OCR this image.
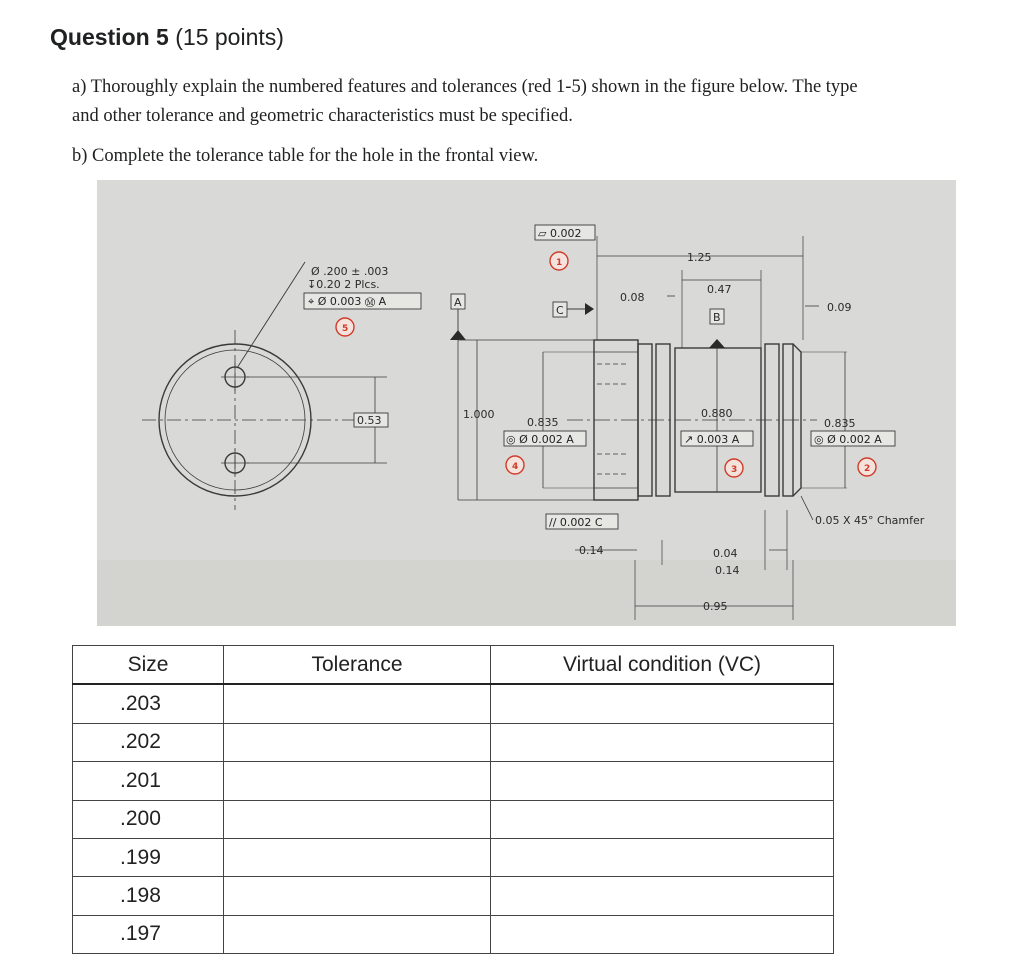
Question 5 (15 points)

a) Thoroughly explain the numbered features and tolerances (red 1-5) shown in the figure below. The type

and other tolerance and geometric characteristics must be specified.

b) Complete the tolerance table for the hole in the frontal view.

Ø .200 ± .003
↧0.20 2 Plcs.
⌖ Ø 0.003 Ⓜ A
5
0.53
A
⏥ 0.002
1
C
B
1.25
0.47
0.08
0.09
1.000
0.835
◎ Ø 0.002 A
4
0.880
↗ 0.003 A
3
0.835
◎ Ø 0.002 A
2
0.05 X 45° Chamfer
// 0.002 C
0.14	0.04
0.14
0.95
Size	Tolerance	Virtual condition (VC)
.203		
.202		
.201		
.200		
.199		
.198		
.197		
